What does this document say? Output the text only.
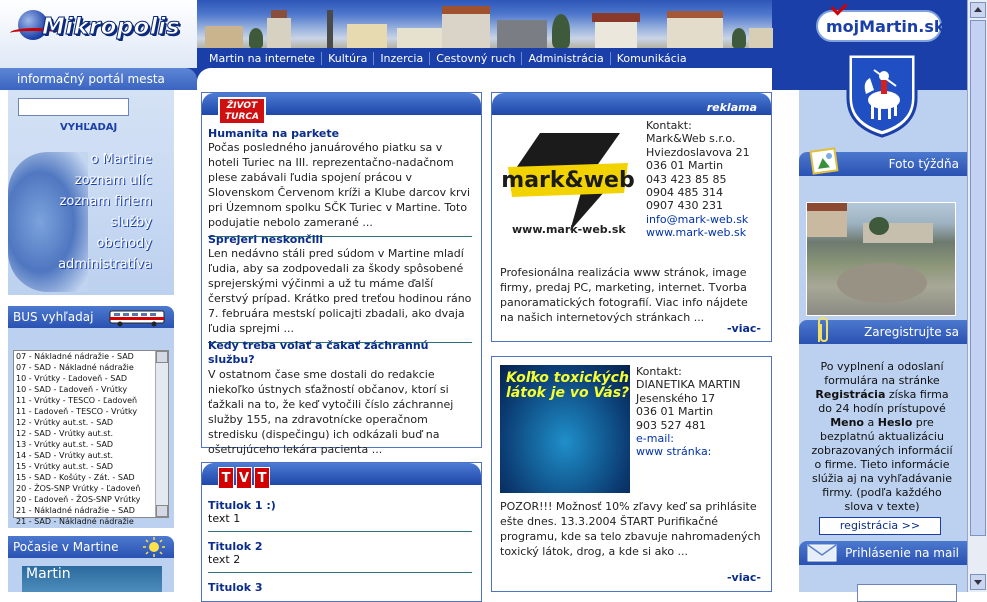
Mikropolis	mojMartin.sk
Martin na internete	Kultúra	Inzercia	Cestovný ruch	Administrácia	Komunikácia
informačný portál mesta
VYHĽADAJ
o Martine
zoznam ulíc
zoznam firiem
služby
obchody
administratíva
BUS vyhľadaj
Počasie v Martine
Martin
07 - Nákladné nádražie - SAD
07 - SAD - Nákladné nádražie
10 - Vrútky - Ľadoveň - SAD
10 - SAD - Ľadoveň - Vrútky
11 - Vrútky - TESCO - Ľadoveň
11 - Ľadoveň - TESCO - Vrútky
12 - Vrútky aut.st. - SAD
12 - SAD - Vrútky aut.st.
13 - Vrútky aut.st. - SAD
14 - SAD - Vrútky aut.st.
15 - Vrútky aut.st. - SAD
15 - SAD - Košúty - Zát. - SAD
20 - ŽOS-SNP Vrútky - Ľadoveň
20 - Ľadoveň - ŽOS-SNP Vrútky
21 - Nákladné nádražie – SAD
21 - SAD - Nákladné nádražie
ŽIVOT TURCA
Humanita na parkete
Počas posledného januárového piatku sa v hoteli Turiec na III. reprezentačno-nadačnom plese zabávali ľudia spojení prácou v Slovenskom Červenom kríži a Klube darcov krvi pri Územnom spolku SČK Turiec v Martine. Toto podujatie nebolo zamerané ...
Sprejeri neskončili
Len nedávno stáli pred súdom v Martine mladí ľudia, aby sa zodpovedali za škody spôsobené sprejerskými výčinmi a už tu máme ďalší čerstvý prípad. Krátko pred treťou hodinou ráno 7. februára mestskí policajti zbadali, ako dvaja ľudia sprejmi ...
Kedy treba volať a čakať záchrannú službu?
V ostatnom čase sme dostali do redakcie niekoľko ústnych sťažností občanov, ktorí si ťažkali na to, že keď vytočili číslo záchrannej služby 155, na zdravotnícke operačnom stredisku (dispečingu) ich odkázali buď na ošetrujúceho lekára pacienta ...
T V T
Titulok 1 :)
text 1
Titulok 2
text 2
Titulok 3
reklama
mark&web
www.mark-web.sk
Kontakt:
Mark&Web s.r.o.
Hviezdoslavova 21
036 01 Martin
043 423 85 85
0904 485 314
0907 430 231
info@mark-web.sk
www.mark-web.sk
Profesionálna realizácia www stránok, image firmy, predaj PC, marketing, internet. Tvorba panoramatických fotografií. Viac info nájdete na našich internetových stránkach ...
-viac-
Koľko toxických látok je vo Vás?
Kontakt:
DIANETIKA MARTIN
Jesenského 17
036 01 Martin
903 527 481
e-mail:
www stránka:
POZOR!!! Možnosť 10% zľavy keď sa prihlásite ešte dnes. 13.3.2004 ŠTART Purifikačné programu, kde sa telo zbavuje nahromadených toxický látok, drog, a kde si ako ...
-viac-
Foto týždňa
Zaregistrujte sa
Po vyplnení a odoslaní formulára na stránke Registrácia získa firma do 24 hodín prístupové Meno a Heslo pre bezplatnú aktualizáciu zobrazovaných informácií o firme. Tieto informácie slúžia aj na vyhľadávanie firmy. (podľa každého slova v texte)
registrácia >>
Prihlásenie na mail
